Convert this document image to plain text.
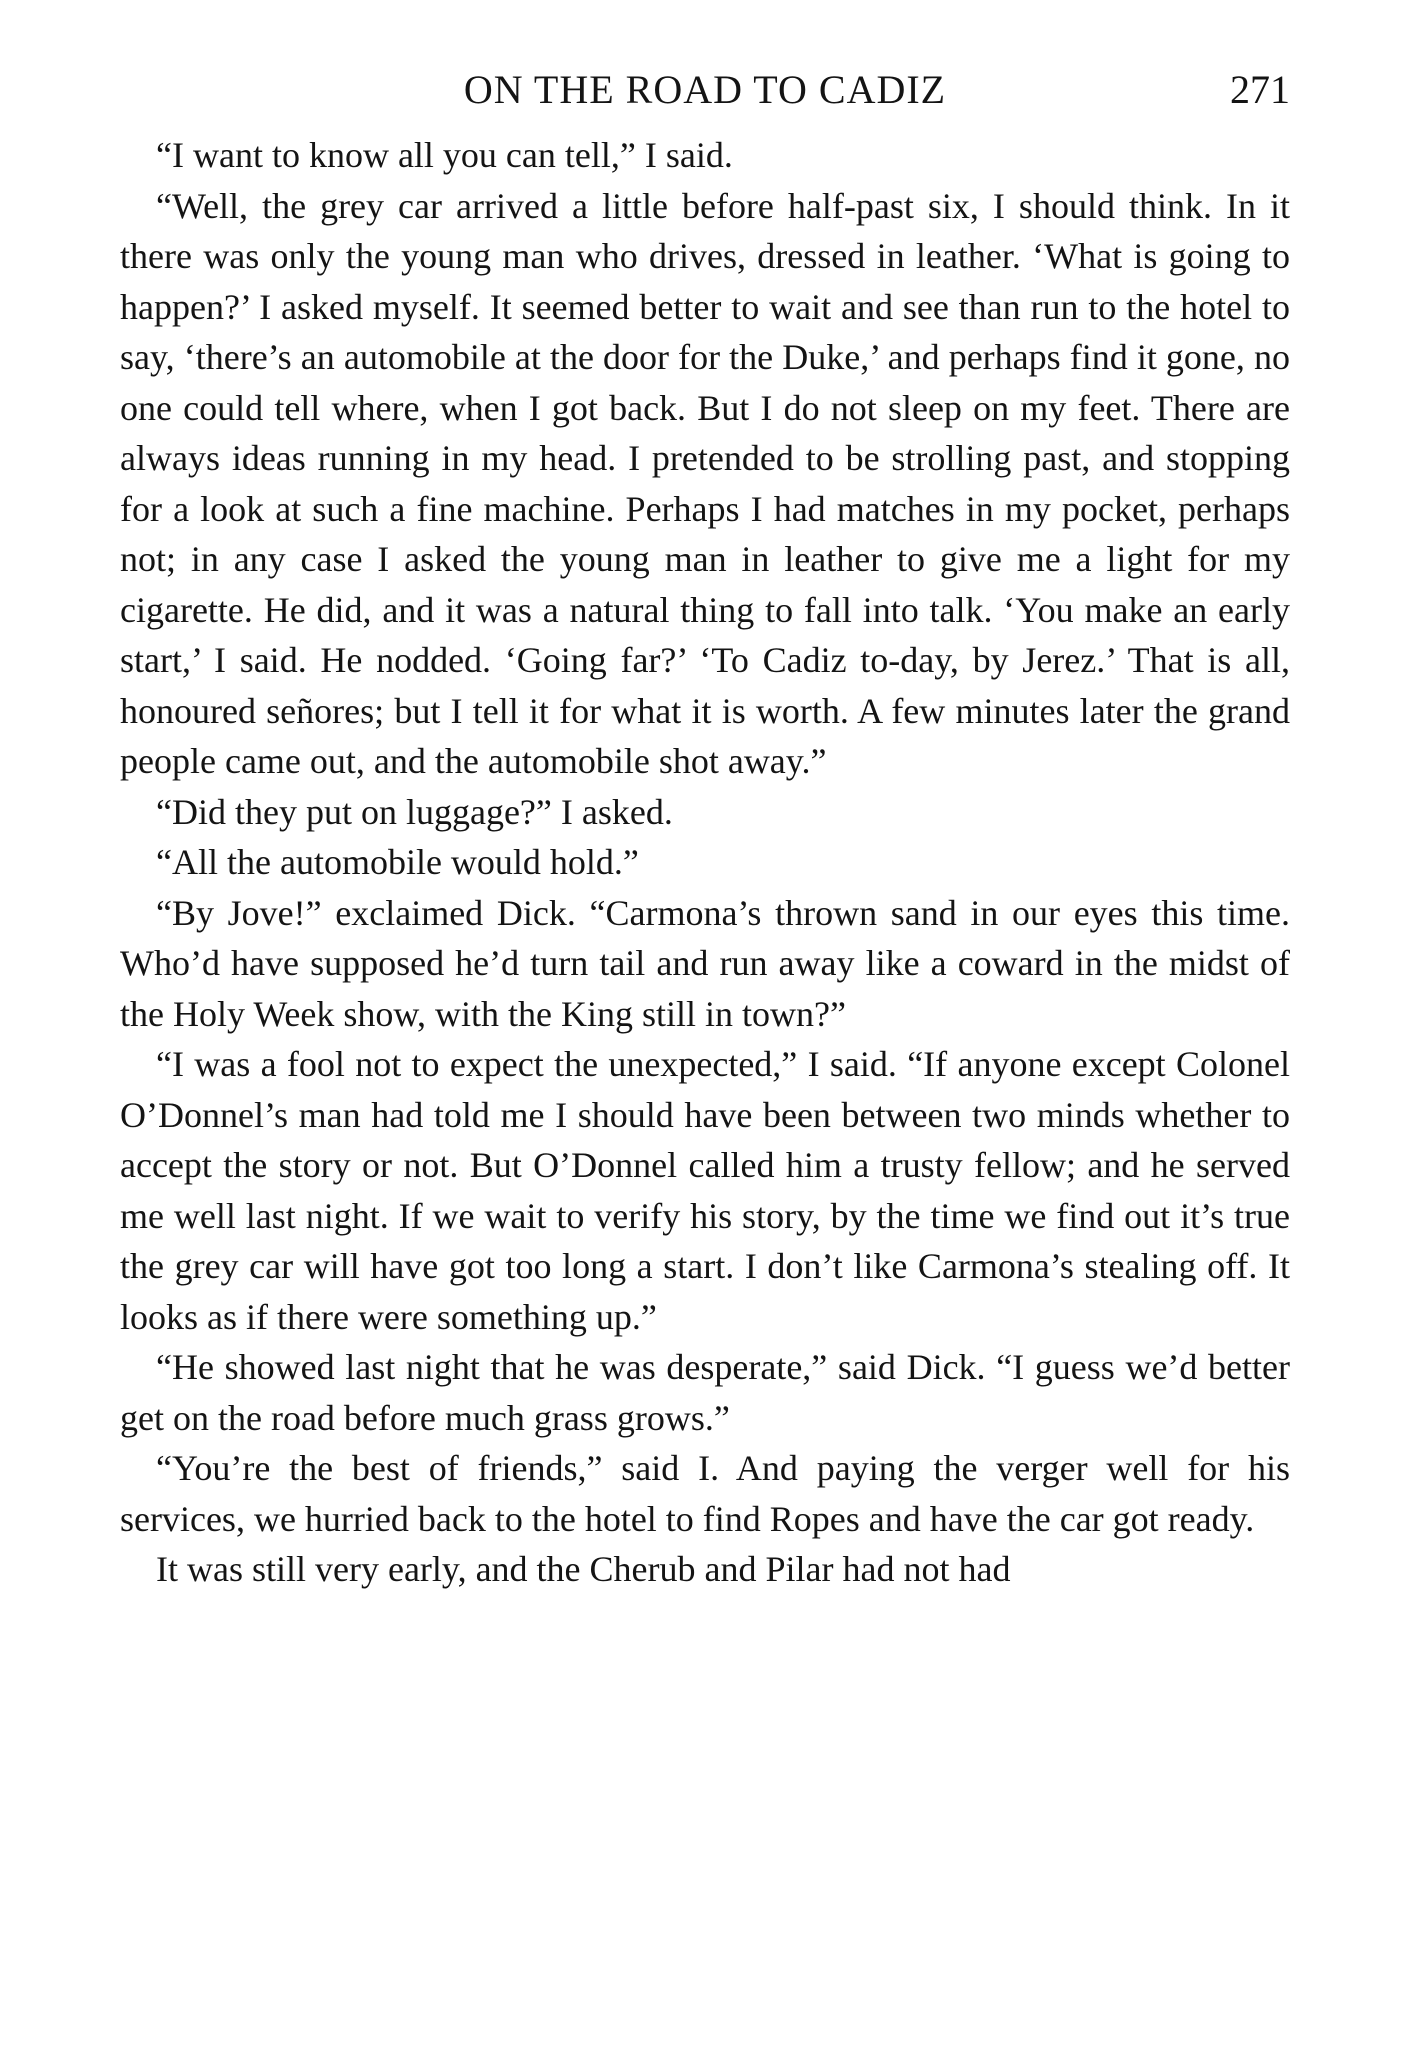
ON THE ROAD TO CADIZ	271

“I want to know all you can tell,” I said.

“Well, the grey car arrived a little before half-past six, I should think. In it there was only the young man who drives, dressed in leather. ‘What is going to happen?’ I asked myself. It seemed better to wait and see than run to the hotel to say, ‘there’s an automobile at the door for the Duke,’ and perhaps find it gone, no one could tell where, when I got back. But I do not sleep on my feet. There are always ideas running in my head. I pretended to be strolling past, and stopping for a look at such a fine machine. Perhaps I had matches in my pocket, perhaps not; in any case I asked the young man in leather to give me a light for my cigarette. He did, and it was a natural thing to fall into talk. ‘You make an early start,’ I said. He nodded. ‘Going far?’ ‘To Cadiz to-day, by Jerez.’ That is all, honoured señores; but I tell it for what it is worth. A few minutes later the grand people came out, and the automobile shot away.”

“Did they put on luggage?” I asked.

“All the automobile would hold.”

“By Jove!” exclaimed Dick. “Carmona’s thrown sand in our eyes this time. Who’d have supposed he’d turn tail and run away like a coward in the midst of the Holy Week show, with the King still in town?”

“I was a fool not to expect the unexpected,” I said. “If anyone except Colonel O’Donnel’s man had told me I should have been between two minds whether to accept the story or not. But O’Donnel called him a trusty fellow; and he served me well last night. If we wait to verify his story, by the time we find out it’s true the grey car will have got too long a start. I don’t like Carmona’s stealing off. It looks as if there were something up.”

“He showed last night that he was desperate,” said Dick. “I guess we’d better get on the road before much grass grows.”

“You’re the best of friends,” said I. And paying the verger well for his services, we hurried back to the hotel to find Ropes and have the car got ready.

It was still very early, and the Cherub and Pilar had not had
